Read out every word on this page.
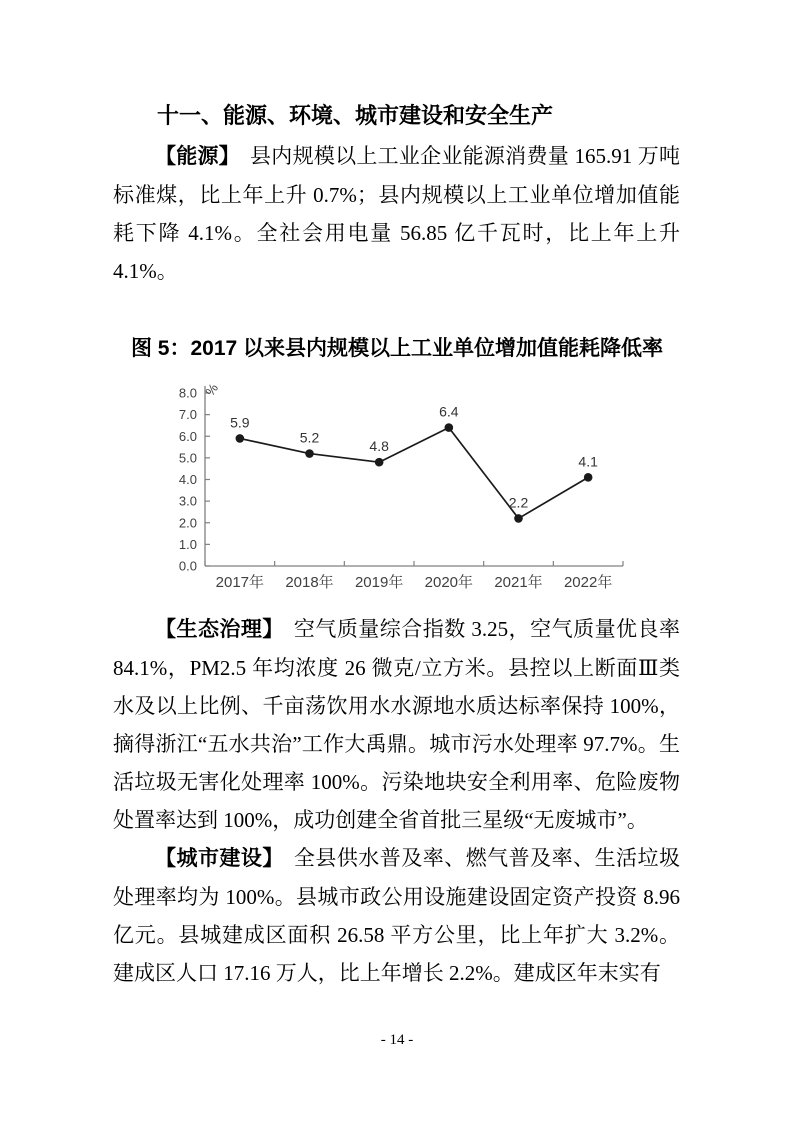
十一、能源、环境、城市建设和安全生产

【能源】 县内规模以上工业企业能源消费量 165.91 万吨标准煤，比上年上升 0.7%；县内规模以上工业单位增加值能耗下降 4.1%。全社会用电量 56.85 亿千瓦时，比上年上升 4.1%。

图 5：2017 以来县内规模以上工业单位增加值能耗降低率
0.0
1.0
2.0
3.0
4.0
5.0
6.0
7.0
8.0 %
2017年 2018年 2019年 2020年 2021年 2022年
5.9
5.2
4.8
6.4
2.2
4.1

【生态治理】 空气质量综合指数 3.25，空气质量优良率 84.1%，PM2.5 年均浓度 26 微克/立方米。县控以上断面Ⅲ类水及以上比例、千亩荡饮用水水源地水质达标率保持 100%，摘得浙江“五水共治”工作大禹鼎。城市污水处理率 97.7%。生活垃圾无害化处理率 100%。污染地块安全利用率、危险废物处置率达到 100%，成功创建全省首批三星级“无废城市”。

【城市建设】 全县供水普及率、燃气普及率、生活垃圾处理率均为 100%。县城市政公用设施建设固定资产投资 8.96 亿元。县城建成区面积 26.58 平方公里，比上年扩大 3.2%。建成区人口 17.16 万人，比上年增长 2.2%。建成区年末实有

- 14 -
